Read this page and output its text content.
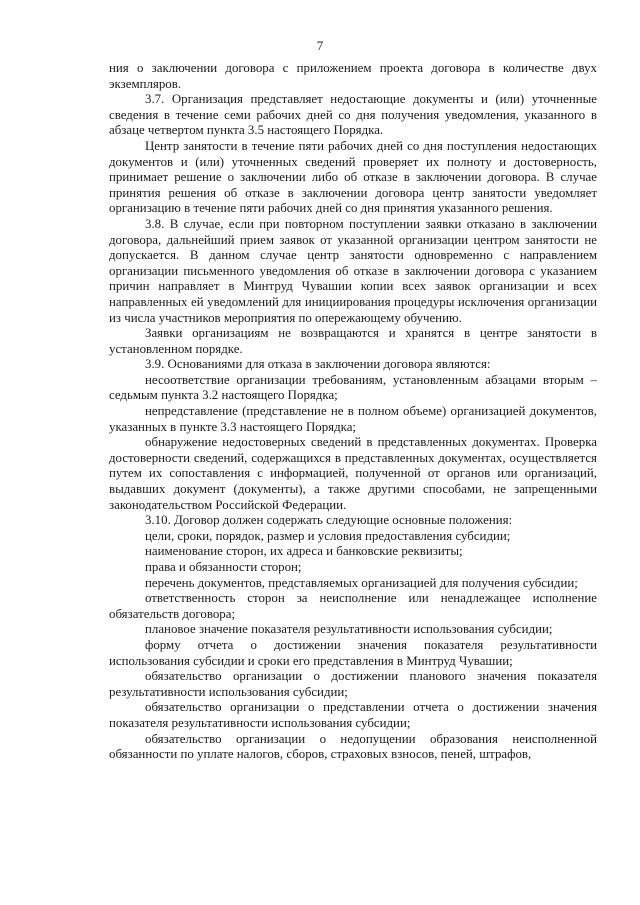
7

ния о заключении договора с приложением проекта договора в количестве двух экземпляров.

3.7. Организация представляет недостающие документы и (или) уточненные сведения в течение семи рабочих дней со дня получения уведомления, указанного в абзаце четвертом пункта 3.5 настоящего Порядка.

Центр занятости в течение пяти рабочих дней со дня поступления недостающих документов и (или) уточненных сведений проверяет их полноту и достоверность, принимает решение о заключении либо об отказе в заключении договора. В случае принятия решения об отказе в заключении договора центр занятости уведомляет организацию в течение пяти рабочих дней со дня принятия указанного решения.

3.8. В случае, если при повторном поступлении заявки отказано в заключении договора, дальнейший прием заявок от указанной организации центром занятости не допускается. В данном случае центр занятости одновременно с направлением организации письменного уведомления об отказе в заключении договора с указанием причин направляет в Минтруд Чувашии копии всех заявок организации и всех направленных ей уведомлений для инициирования процедуры исключения организации из числа участников мероприятия по опережающему обучению.

Заявки организациям не возвращаются и хранятся в центре занятости в установленном порядке.

3.9. Основаниями для отказа в заключении договора являются:

несоответствие организации требованиям, установленным абзацами вторым – седьмым пункта 3.2 настоящего Порядка;

непредставление (представление не в полном объеме) организацией документов, указанных в пункте 3.3 настоящего Порядка;

обнаружение недостоверных сведений в представленных документах. Проверка достоверности сведений, содержащихся в представленных документах, осуществляется путем их сопоставления с информацией, полученной от органов или организаций, выдавших документ (документы), а также другими способами, не запрещенными законодательством Российской Федерации.

3.10. Договор должен содержать следующие основные положения:

цели, сроки, порядок, размер и условия предоставления субсидии;

наименование сторон, их адреса и банковские реквизиты;

права и обязанности сторон;

перечень документов, представляемых организацией для получения субсидии;

ответственность сторон за неисполнение или ненадлежащее исполнение обязательств договора;

плановое значение показателя результативности использования субсидии;

форму отчета о достижении значения показателя результативности использования субсидии и сроки его представления в Минтруд Чувашии;

обязательство организации о достижении планового значения показателя результативности использования субсидии;

обязательство организации о представлении отчета о достижении значения показателя результативности использования субсидии;

обязательство организации о недопущении образования неисполненной обязанности по уплате налогов, сборов, страховых взносов, пеней, штрафов,
